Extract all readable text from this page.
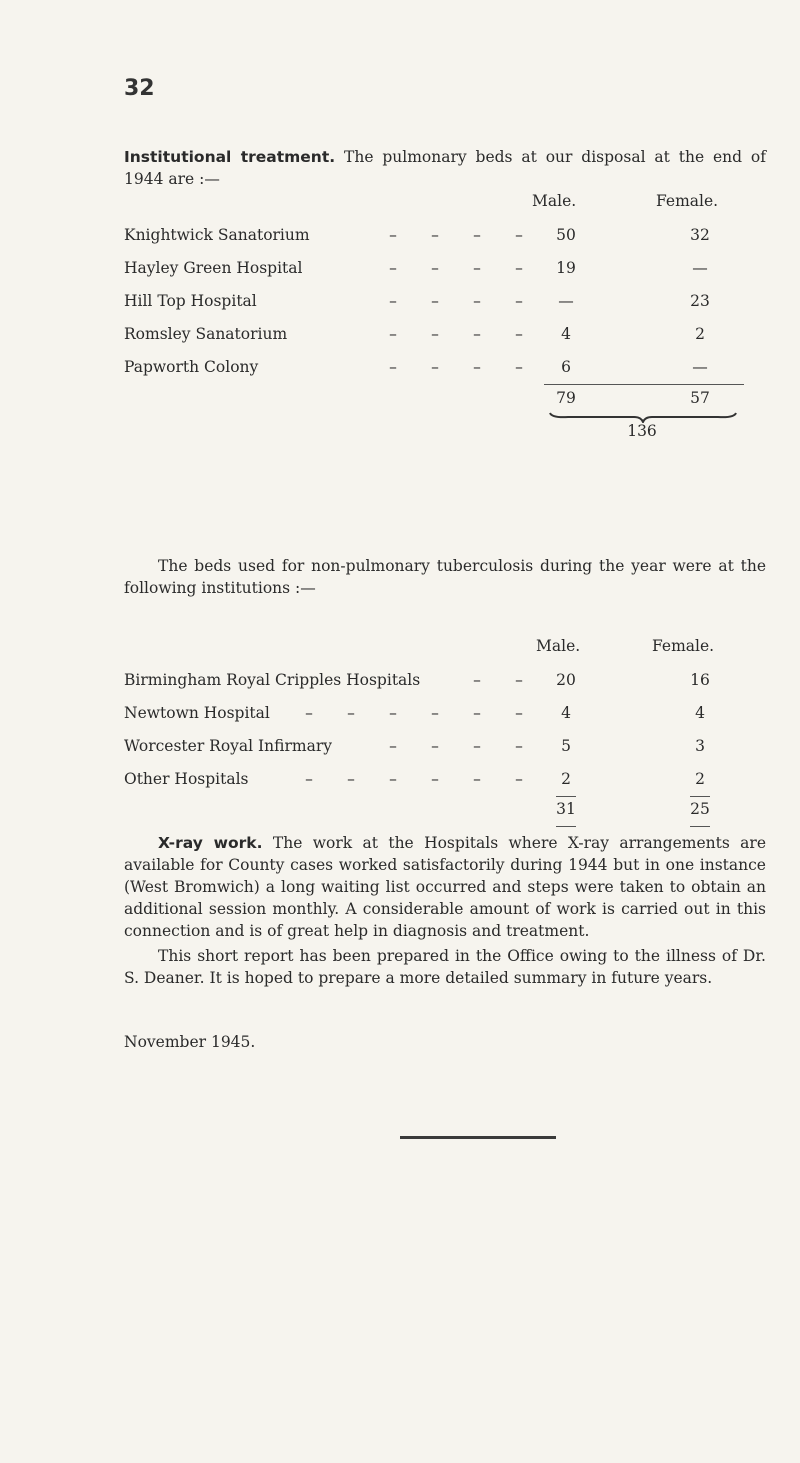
32
Institutional treatment. The pulmonary beds at our disposal at the end of 1944 are :—
Male.	Female.
Knightwick Sanatorium	– – – –	50	32
Hayley Green Hospital	– – – –	19	—
Hill Top Hospital	– – – –	—	23
Romsley Sanatorium	– – – –	4	2
Papworth Colony	– – – –	6	—
79	57
136
The beds used for non-pulmonary tuberculosis during the year were at the following institutions :—
Male.	Female.
Birmingham Royal Cripples Hospitals	– –	20	16
Newtown Hospital	– – – – – –	4	4
Worcester Royal Infirmary	– – – –	5	3
Other Hospitals	– – – – – –	2	2
31	25
X-ray work. The work at the Hospitals where X-ray arrangements are available for County cases worked satisfactorily during 1944 but in one instance (West Bromwich) a long waiting list occurred and steps were taken to obtain an additional session monthly. A considerable amount of work is carried out in this connection and is of great help in diagnosis and treatment.
This short report has been prepared in the Office owing to the illness of Dr. S. Deaner. It is hoped to prepare a more detailed summary in future years.
November 1945.
